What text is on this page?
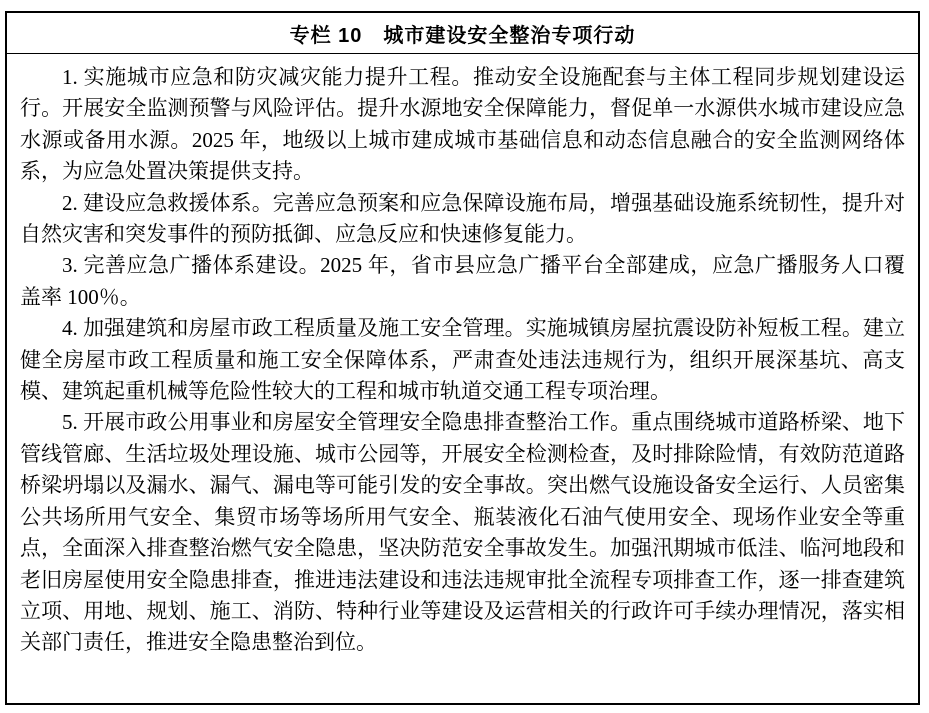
专栏 10　城市建设安全整治专项行动

1. 实施城市应急和防灾减灾能力提升工程。推动安全设施配套与主体工程同步规划建设运行。开展安全监测预警与风险评估。提升水源地安全保障能力，督促单一水源供水城市建设应急水源或备用水源。2025 年，地级以上城市建成城市基础信息和动态信息融合的安全监测网络体系，为应急处置决策提供支持。

2. 建设应急救援体系。完善应急预案和应急保障设施布局，增强基础设施系统韧性，提升对自然灾害和突发事件的预防抵御、应急反应和快速修复能力。

3. 完善应急广播体系建设。2025 年，省市县应急广播平台全部建成，应急广播服务人口覆盖率 100％。

4. 加强建筑和房屋市政工程质量及施工安全管理。实施城镇房屋抗震设防补短板工程。建立健全房屋市政工程质量和施工安全保障体系，严肃查处违法违规行为，组织开展深基坑、高支模、建筑起重机械等危险性较大的工程和城市轨道交通工程专项治理。

5. 开展市政公用事业和房屋安全管理安全隐患排查整治工作。重点围绕城市道路桥梁、地下管线管廊、生活垃圾处理设施、城市公园等，开展安全检测检查，及时排除险情，有效防范道路桥梁坍塌以及漏水、漏气、漏电等可能引发的安全事故。突出燃气设施设备安全运行、人员密集公共场所用气安全、集贸市场等场所用气安全、瓶装液化石油气使用安全、现场作业安全等重点，全面深入排查整治燃气安全隐患，坚决防范安全事故发生。加强汛期城市低洼、临河地段和老旧房屋使用安全隐患排查，推进违法建设和违法违规审批全流程专项排查工作，逐一排查建筑立项、用地、规划、施工、消防、特种行业等建设及运营相关的行政许可手续办理情况，落实相关部门责任，推进安全隐患整治到位。
